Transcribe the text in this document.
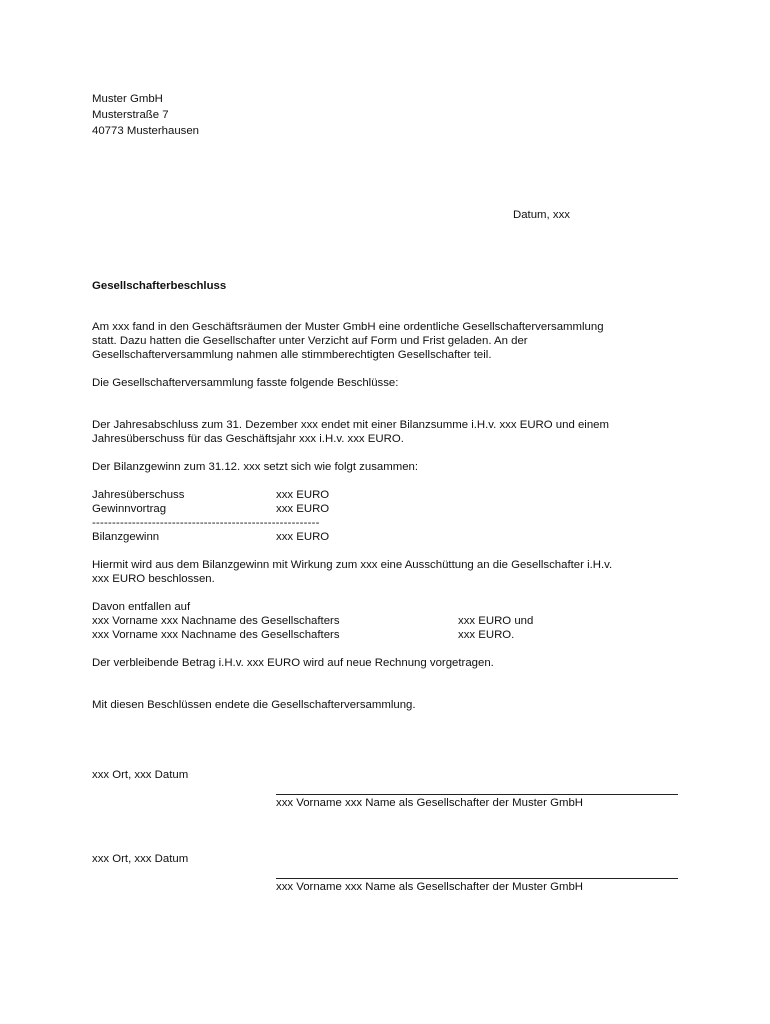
Muster GmbH

Musterstraße 7

40773 Musterhausen

Datum, xxx

Gesellschafterbeschluss

Am xxx fand in den Geschäftsräumen der Muster GmbH eine ordentliche Gesellschafterversammlung

statt. Dazu hatten die Gesellschafter unter Verzicht auf Form und Frist geladen. An der

Gesellschafterversammlung nahmen alle stimmberechtigten Gesellschafter teil.

Die Gesellschafterversammlung fasste folgende Beschlüsse:

Der Jahresabschluss zum 31. Dezember xxx endet mit einer Bilanzsumme i.H.v. xxx EURO und einem

Jahresüberschuss für das Geschäftsjahr xxx i.H.v. xxx EURO.

Der Bilanzgewinn zum 31.12. xxx setzt sich wie folgt zusammen:

Jahresüberschuss	xxx EURO

Gewinnvortrag	xxx EURO

---------------------------------------------------------

Bilanzgewinn	xxx EURO

Hiermit wird aus dem Bilanzgewinn mit Wirkung zum xxx eine Ausschüttung an die Gesellschafter i.H.v.

xxx EURO beschlossen.

Davon entfallen auf

xxx Vorname xxx Nachname des Gesellschafters	xxx EURO und

xxx Vorname xxx Nachname des Gesellschafters	xxx EURO.

Der verbleibende Betrag i.H.v. xxx EURO wird auf neue Rechnung vorgetragen.

Mit diesen Beschlüssen endete die Gesellschafterversammlung.

xxx Ort, xxx Datum

xxx Vorname xxx Name als Gesellschafter der Muster GmbH

xxx Ort, xxx Datum

xxx Vorname xxx Name als Gesellschafter der Muster GmbH
